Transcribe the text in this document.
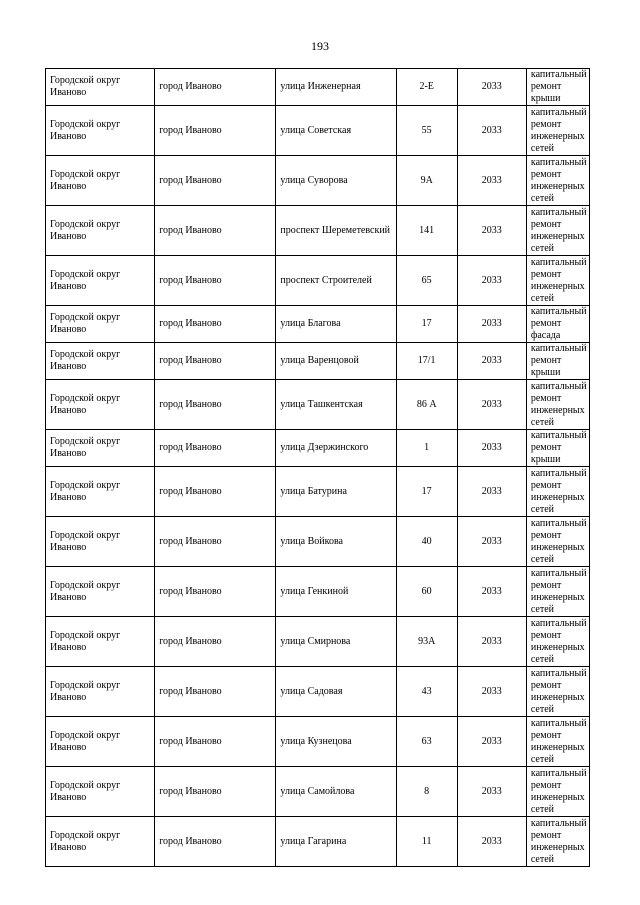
193
Городской округ Иваново	город Иваново	улица Инженерная	2-Е	2033	капитальный ремонт крыши
Городской округ Иваново	город Иваново	улица Советская	55	2033	капитальный ремонт инженерных сетей
Городской округ Иваново	город Иваново	улица Суворова	9А	2033	капитальный ремонт инженерных сетей
Городской округ Иваново	город Иваново	проспект Шереметевский	141	2033	капитальный ремонт инженерных сетей
Городской округ Иваново	город Иваново	проспект Строителей	65	2033	капитальный ремонт инженерных сетей
Городской округ Иваново	город Иваново	улица Благова	17	2033	капитальный ремонт фасада
Городской округ Иваново	город Иваново	улица Варенцовой	17/1	2033	капитальный ремонт крыши
Городской округ Иваново	город Иваново	улица Ташкентская	86 А	2033	капитальный ремонт инженерных сетей
Городской округ Иваново	город Иваново	улица Дзержинского	1	2033	капитальный ремонт крыши
Городской округ Иваново	город Иваново	улица Батурина	17	2033	капитальный ремонт инженерных сетей
Городской округ Иваново	город Иваново	улица Войкова	40	2033	капитальный ремонт инженерных сетей
Городской округ Иваново	город Иваново	улица Генкиной	60	2033	капитальный ремонт инженерных сетей
Городской округ Иваново	город Иваново	улица Смирнова	93А	2033	капитальный ремонт инженерных сетей
Городской округ Иваново	город Иваново	улица Садовая	43	2033	капитальный ремонт инженерных сетей
Городской округ Иваново	город Иваново	улица Кузнецова	63	2033	капитальный ремонт инженерных сетей
Городской округ Иваново	город Иваново	улица Самойлова	8	2033	капитальный ремонт инженерных сетей
Городской округ Иваново	город Иваново	улица Гагарина	11	2033	капитальный ремонт инженерных сетей
